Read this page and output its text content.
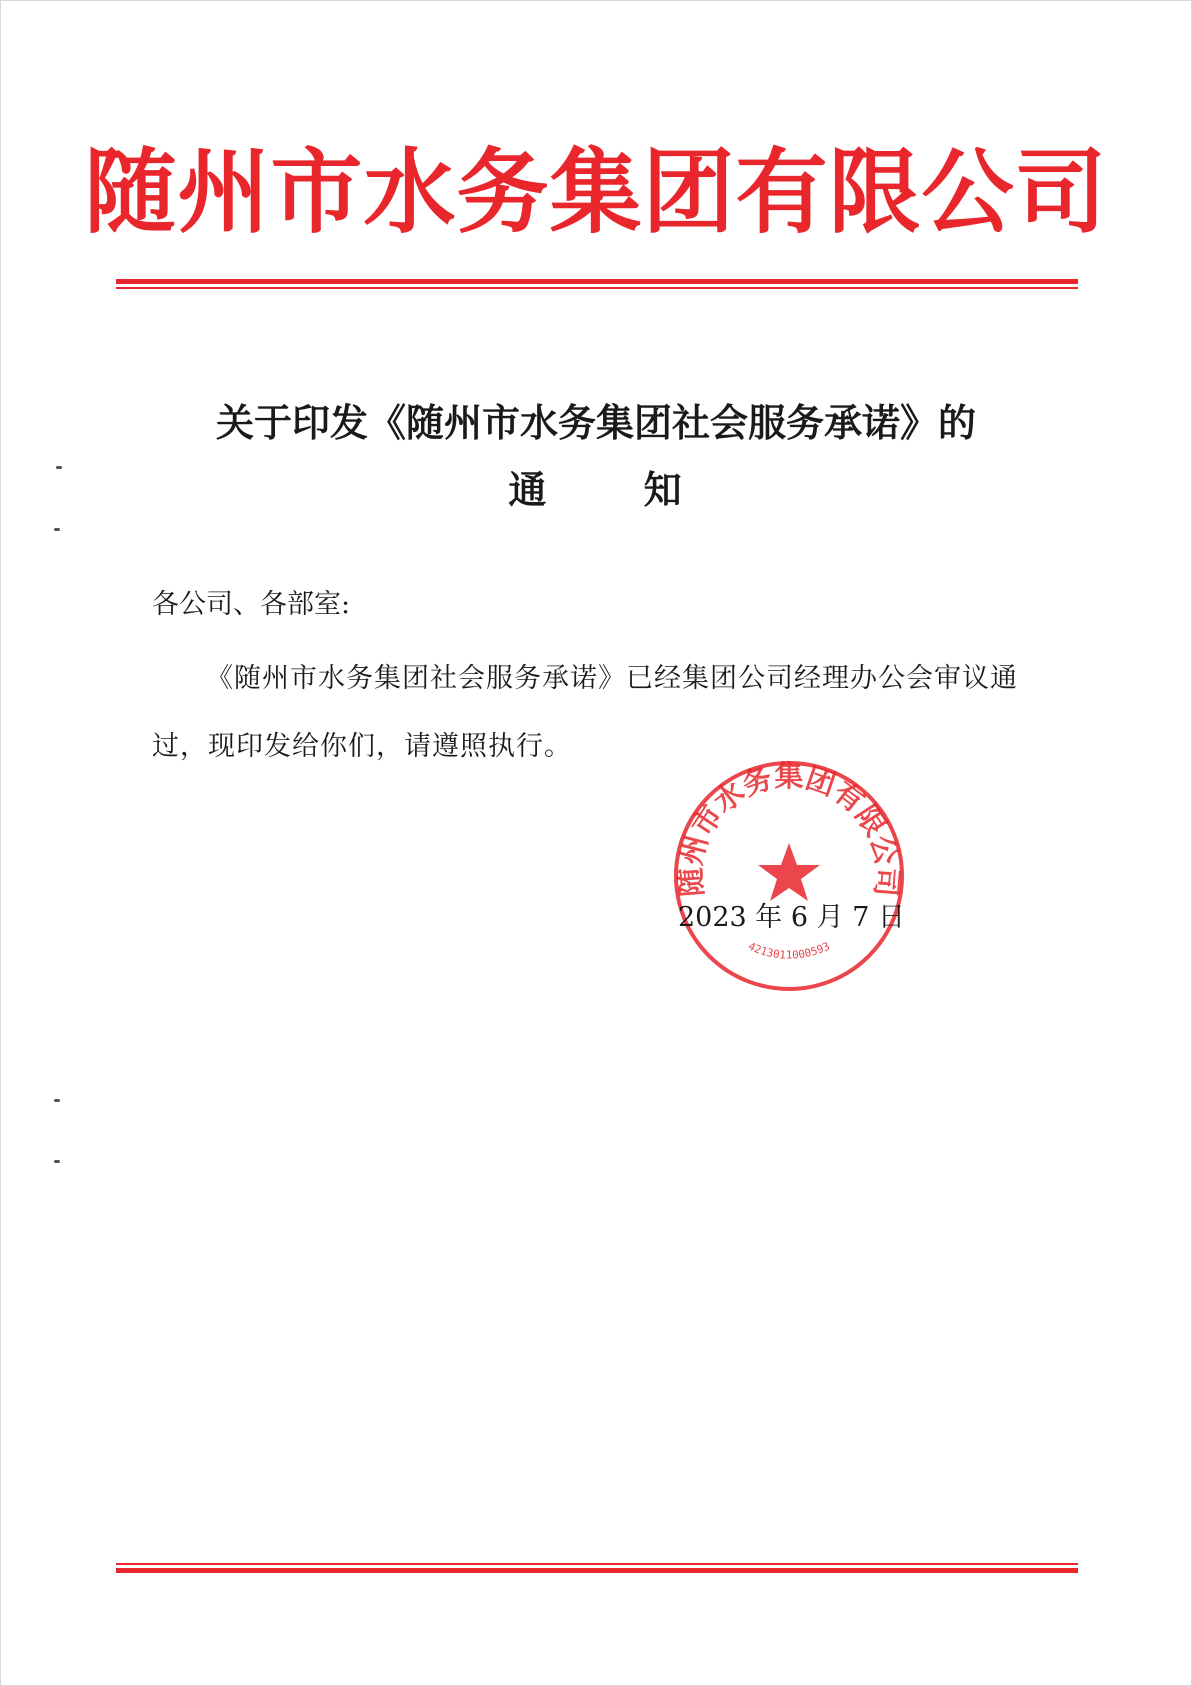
随州市水务集团有限公司
关于印发《随州市水务集团社会服务承诺》的
通 知
各公司、各部室:
《随州市水务集团社会服务承诺》已经集团公司经理办公会审议通过，现印发给你们，请遵照执行。
随州市水务集团有限公司
4213011000593
2023 年 6 月 7 日
